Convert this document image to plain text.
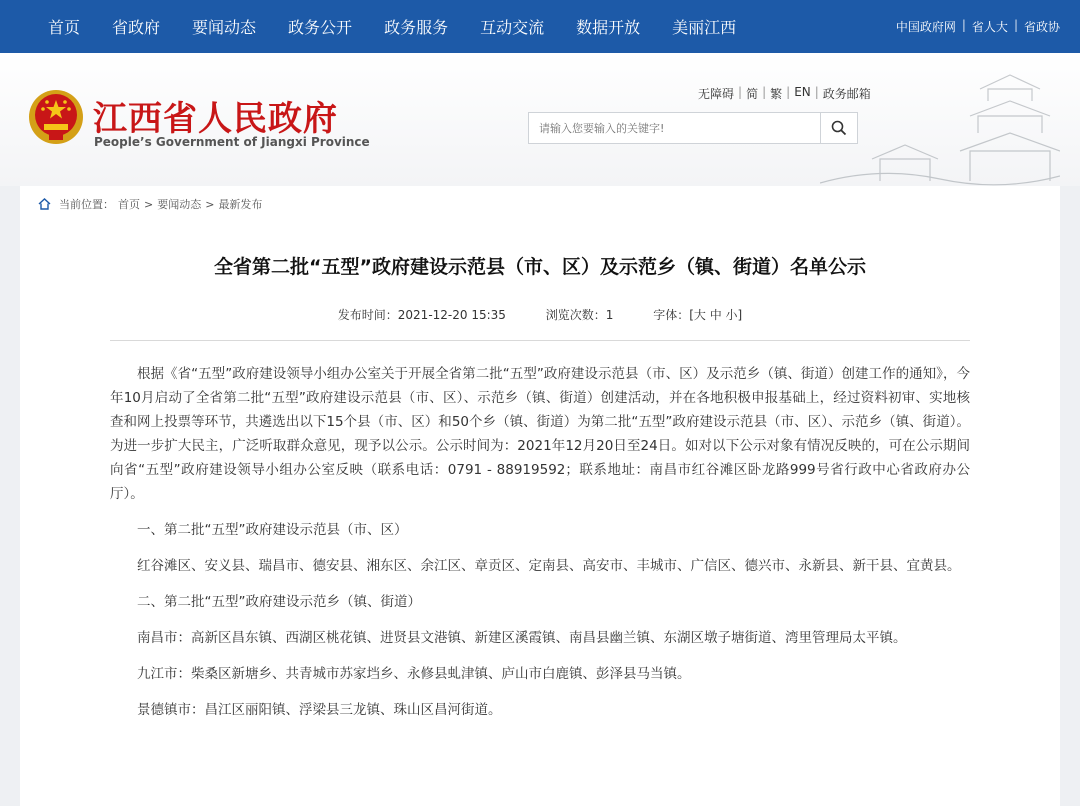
首页	省政府	要闻动态	政务公开	政务服务	互动交流	数据开放	美丽江西	中国政府网 | 省人大 | 省政协
江西省人民政府
People’s Government of Jiangxi Province
无障碍 | 简 | 繁 | EN | 政务邮箱
请输入您要输入的关键字!
当前位置： 首页 > 要闻动态 > 最新发布
全省第二批“五型”政府建设示范县（市、区）及示范乡（镇、街道）名单公示
发布时间：2021-12-20 15:35	浏览次数：1	字体：[大 中 小]

根据《省“五型”政府建设领导小组办公室关于开展全省第二批“五型”政府建设示范县（市、区）及示范乡（镇、街道）创建工作的通知》，今年10月启动了全省第二批“五型”政府建设示范县（市、区）、示范乡（镇、街道）创建活动，并在各地积极申报基础上，经过资料初审、实地核查和网上投票等环节，共遴选出以下15个县（市、区）和50个乡（镇、街道）为第二批“五型”政府建设示范县（市、区）、示范乡（镇、街道）。为进一步扩大民主，广泛听取群众意见，现予以公示。公示时间为：2021年12月20日至24日。如对以下公示对象有情况反映的，可在公示期间向省“五型”政府建设领导小组办公室反映（联系电话：0791 - 88919592；联系地址：南昌市红谷滩区卧龙路999号省行政中心省政府办公厅）。

一、第二批“五型”政府建设示范县（市、区）

红谷滩区、安义县、瑞昌市、德安县、湘东区、余江区、章贡区、定南县、高安市、丰城市、广信区、德兴市、永新县、新干县、宜黄县。

二、第二批“五型”政府建设示范乡（镇、街道）

南昌市：高新区昌东镇、西湖区桃花镇、进贤县文港镇、新建区溪霞镇、南昌县幽兰镇、东湖区墩子塘街道、湾里管理局太平镇。

九江市：柴桑区新塘乡、共青城市苏家垱乡、永修县虬津镇、庐山市白鹿镇、彭泽县马当镇。

景德镇市：昌江区丽阳镇、浮梁县三龙镇、珠山区昌河街道。
